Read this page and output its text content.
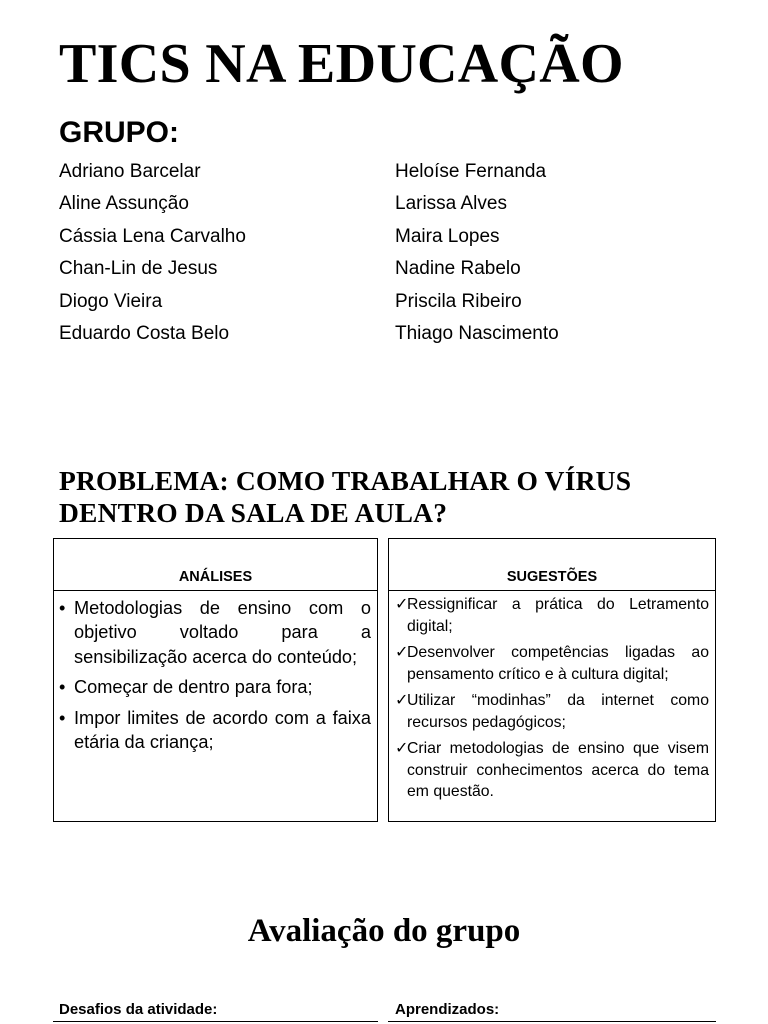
TICS NA EDUCAÇÃO
GRUPO:
Adriano Barcelar
Aline Assunção
Cássia Lena Carvalho
Chan-Lin de Jesus
Diogo Vieira
Eduardo Costa Belo
Heloíse Fernanda
Larissa Alves
Maira Lopes
Nadine Rabelo
Priscila Ribeiro
Thiago Nascimento
PROBLEMA: COMO TRABALHAR O VÍRUS DENTRO DA SALA DE AULA?
ANÁLISES
• Metodologias de ensino com o objetivo voltado para a sensibilização acerca do conteúdo;
• Começar de dentro para fora;
• Impor limites de acordo com a faixa etária da criança;
SUGESTÕES
✓
Ressignificar a prática do Letramento digital;
✓
Desenvolver competências ligadas ao pensamento crítico e à cultura digital;
✓
Utilizar “modinhas” da internet como recursos pedagógicos;
✓
Criar metodologias de ensino que visem construir conhecimentos acerca do tema em questão.
Avaliação do grupo

Desafios da atividade:	Aprendizados:
